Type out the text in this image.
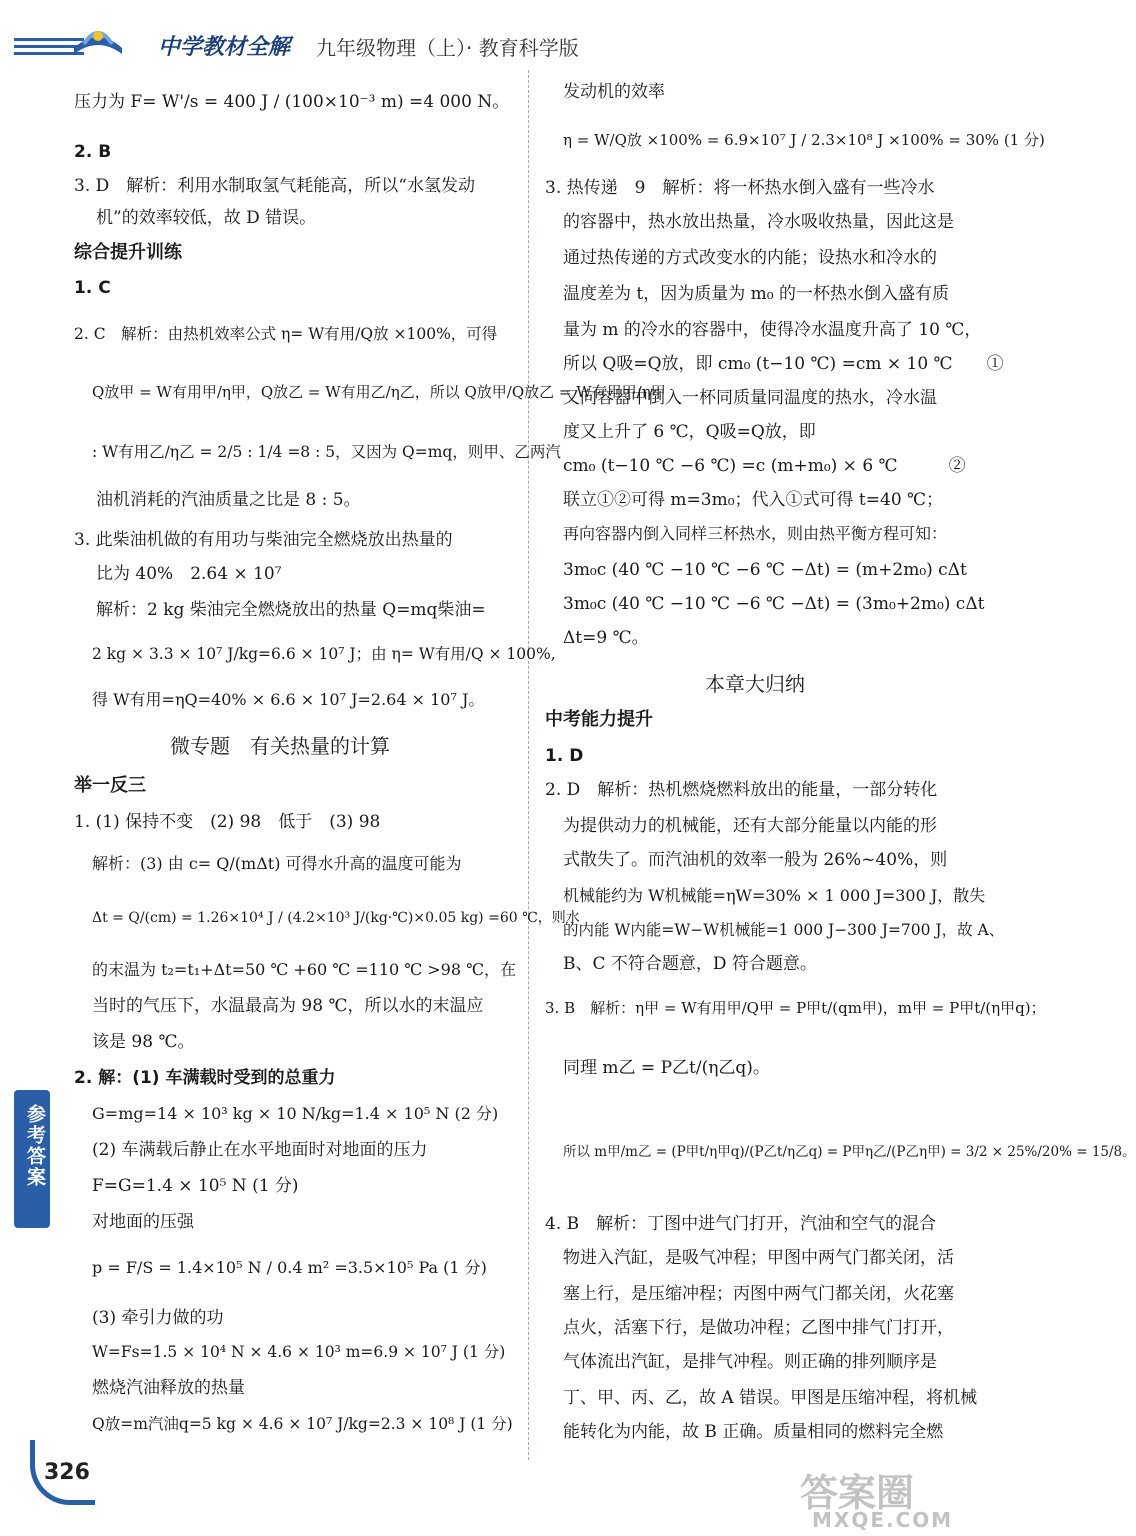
中学教材全解 九年级物理（上）· 教育科学版
压力为 F= W'/s = 400 J / (100×10⁻³ m) =4 000 N。
2. B
3. D　解析：利用水制取氢气耗能高，所以“水氢发动
机”的效率较低，故 D 错误。
综合提升训练
1. C
2. C　解析：由热机效率公式 η= W有用/Q放 ×100%，可得
Q放甲 = W有用甲/η甲，Q放乙 = W有用乙/η乙，所以 Q放甲/Q放乙 = W有用甲/η甲
: W有用乙/η乙 = 2/5 : 1/4 =8 : 5，又因为 Q=mq，则甲、乙两汽
油机消耗的汽油质量之比是 8 : 5。
3. 此柴油机做的有用功与柴油完全燃烧放出热量的
比为 40%　2.64 × 10⁷
解析：2 kg 柴油完全燃烧放出的热量 Q=mq柴油=
2 kg × 3.3 × 10⁷ J/kg=6.6 × 10⁷ J；由 η= W有用/Q × 100%,
得 W有用=ηQ=40% × 6.6 × 10⁷ J=2.64 × 10⁷ J。
微专题　有关热量的计算
举一反三
1. (1) 保持不变　(2) 98　低于　(3) 98
解析：(3) 由 c= Q/(mΔt) 可得水升高的温度可能为
Δt = Q/(cm) = 1.26×10⁴ J / (4.2×10³ J/(kg·℃)×0.05 kg) =60 ℃，则水
的末温为 t₂=t₁+Δt=50 ℃ +60 ℃ =110 ℃ >98 ℃，在
当时的气压下，水温最高为 98 ℃，所以水的末温应
该是 98 ℃。
2. 解：(1) 车满载时受到的总重力
G=mg=14 × 10³ kg × 10 N/kg=1.4 × 10⁵ N (2 分)
(2) 车满载后静止在水平地面时对地面的压力
F=G=1.4 × 10⁵ N (1 分)
对地面的压强
p = F/S = 1.4×10⁵ N / 0.4 m² =3.5×10⁵ Pa (1 分)
(3) 牵引力做的功
W=Fs=1.5 × 10⁴ N × 4.6 × 10³ m=6.9 × 10⁷ J (1 分)
燃烧汽油释放的热量
Q放=m汽油q=5 kg × 4.6 × 10⁷ J/kg=2.3 × 10⁸ J (1 分)
发动机的效率
η = W/Q放 ×100% = 6.9×10⁷ J / 2.3×10⁸ J ×100% = 30% (1 分)
3. 热传递　9　解析：将一杯热水倒入盛有一些冷水
的容器中，热水放出热量，冷水吸收热量，因此这是
通过热传递的方式改变水的内能；设热水和冷水的
温度差为 t，因为质量为 m₀ 的一杯热水倒入盛有质
量为 m 的冷水的容器中，使得冷水温度升高了 10 ℃，
所以 Q吸=Q放，即 cm₀ (t−10 ℃) =cm × 10 ℃　　①
又向容器中倒入一杯同质量同温度的热水，冷水温
度又上升了 6 ℃，Q吸=Q放，即
cm₀ (t−10 ℃ −6 ℃) =c (m+m₀) × 6 ℃　　　②
联立①②可得 m=3m₀；代入①式可得 t=40 ℃；
再向容器内倒入同样三杯热水，则由热平衡方程可知：
3m₀c (40 ℃ −10 ℃ −6 ℃ −Δt) = (m+2m₀) cΔt
3m₀c (40 ℃ −10 ℃ −6 ℃ −Δt) = (3m₀+2m₀) cΔt
Δt=9 ℃。
本章大归纳
中考能力提升
1. D
2. D　解析：热机燃烧燃料放出的能量，一部分转化
为提供动力的机械能，还有大部分能量以内能的形
式散失了。而汽油机的效率一般为 26%~40%，则
机械能约为 W机械能=ηW=30% × 1 000 J=300 J，散失
的内能 W内能=W−W机械能=1 000 J−300 J=700 J，故 A、
B、C 不符合题意，D 符合题意。
3. B　解析：η甲 = W有用甲/Q甲 = P甲t/(qm甲)，m甲 = P甲t/(η甲q)；
同理 m乙 = P乙t/(η乙q)。
所以 m甲/m乙 = (P甲t/η甲q)/(P乙t/η乙q) = P甲η乙/(P乙η甲) = 3/2 × 25%/20% = 15/8。
4. B　解析：丁图中进气门打开，汽油和空气的混合
物进入汽缸，是吸气冲程；甲图中两气门都关闭，活
塞上行，是压缩冲程；丙图中两气门都关闭，火花塞
点火，活塞下行，是做功冲程；乙图中排气门打开，
气体流出汽缸，是排气冲程。则正确的排列顺序是
丁、甲、丙、乙，故 A 错误。甲图是压缩冲程，将机械
能转化为内能，故 B 正确。质量相同的燃料完全燃
参考答案
326	答案圈
MXQE.COM
